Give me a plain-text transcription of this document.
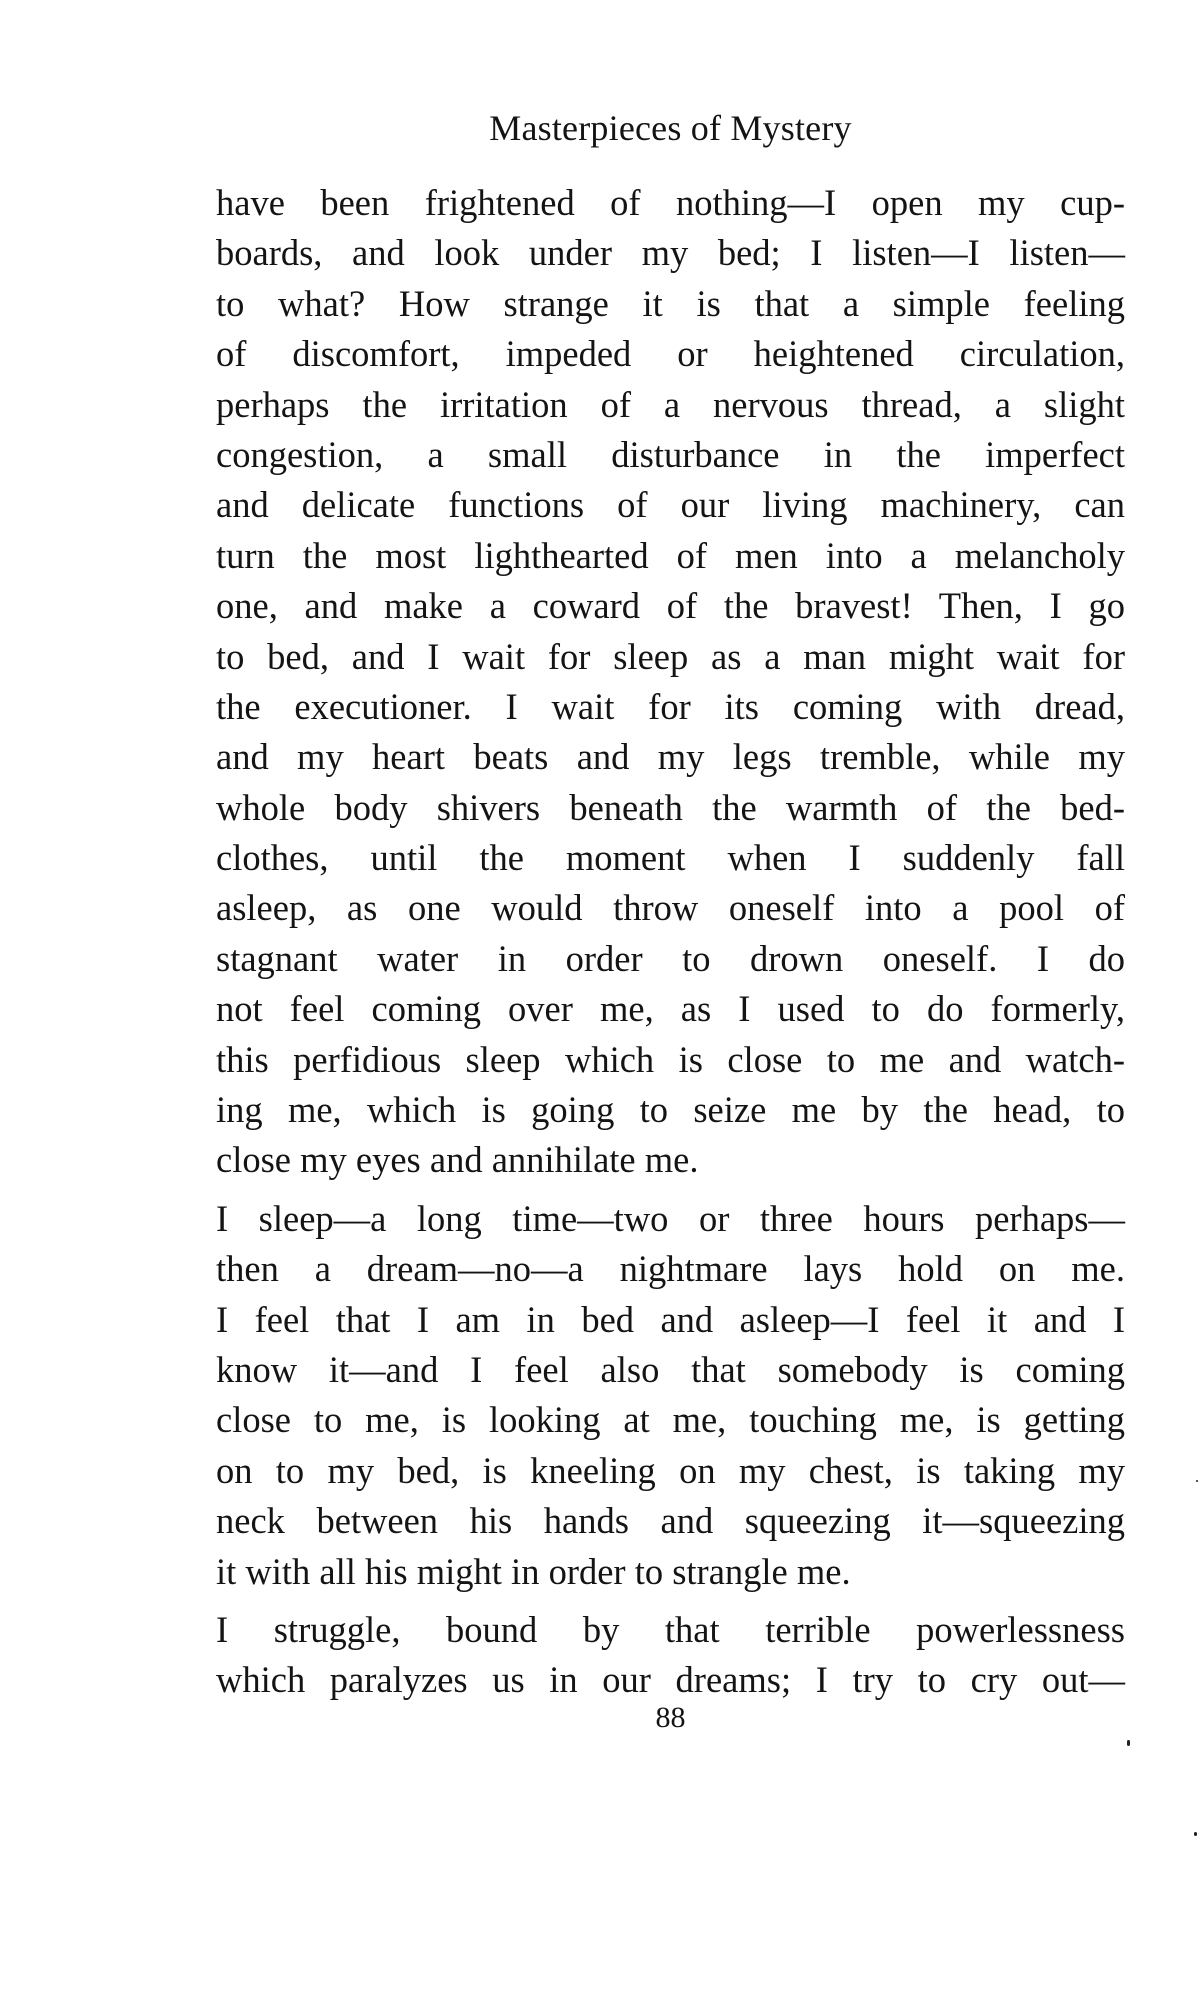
Masterpieces of Mystery
have been frightened of nothing—I open my cup-
boards, and look under my bed; I listen—I listen—
to what? How strange it is that a simple feeling
of discomfort, impeded or heightened circulation,
perhaps the irritation of a nervous thread, a slight
congestion, a small disturbance in the imperfect
and delicate functions of our living machinery, can
turn the most lighthearted of men into a melancholy
one, and make a coward of the bravest! Then, I go
to bed, and I wait for sleep as a man might wait for
the executioner. I wait for its coming with dread,
and my heart beats and my legs tremble, while my
whole body shivers beneath the warmth of the bed-
clothes, until the moment when I suddenly fall
asleep, as one would throw oneself into a pool of
stagnant water in order to drown oneself. I do
not feel coming over me, as I used to do formerly,
this perfidious sleep which is close to me and watch-
ing me, which is going to seize me by the head, to
close my eyes and annihilate me.
I sleep—a long time—two or three hours perhaps—
then a dream—no—a nightmare lays hold on me.
I feel that I am in bed and asleep—I feel it and I
know it—and I feel also that somebody is coming
close to me, is looking at me, touching me, is getting
on to my bed, is kneeling on my chest, is taking my
neck between his hands and squeezing it—squeezing
it with all his might in order to strangle me.
I struggle, bound by that terrible powerlessness
which paralyzes us in our dreams; I try to cry out—
88
